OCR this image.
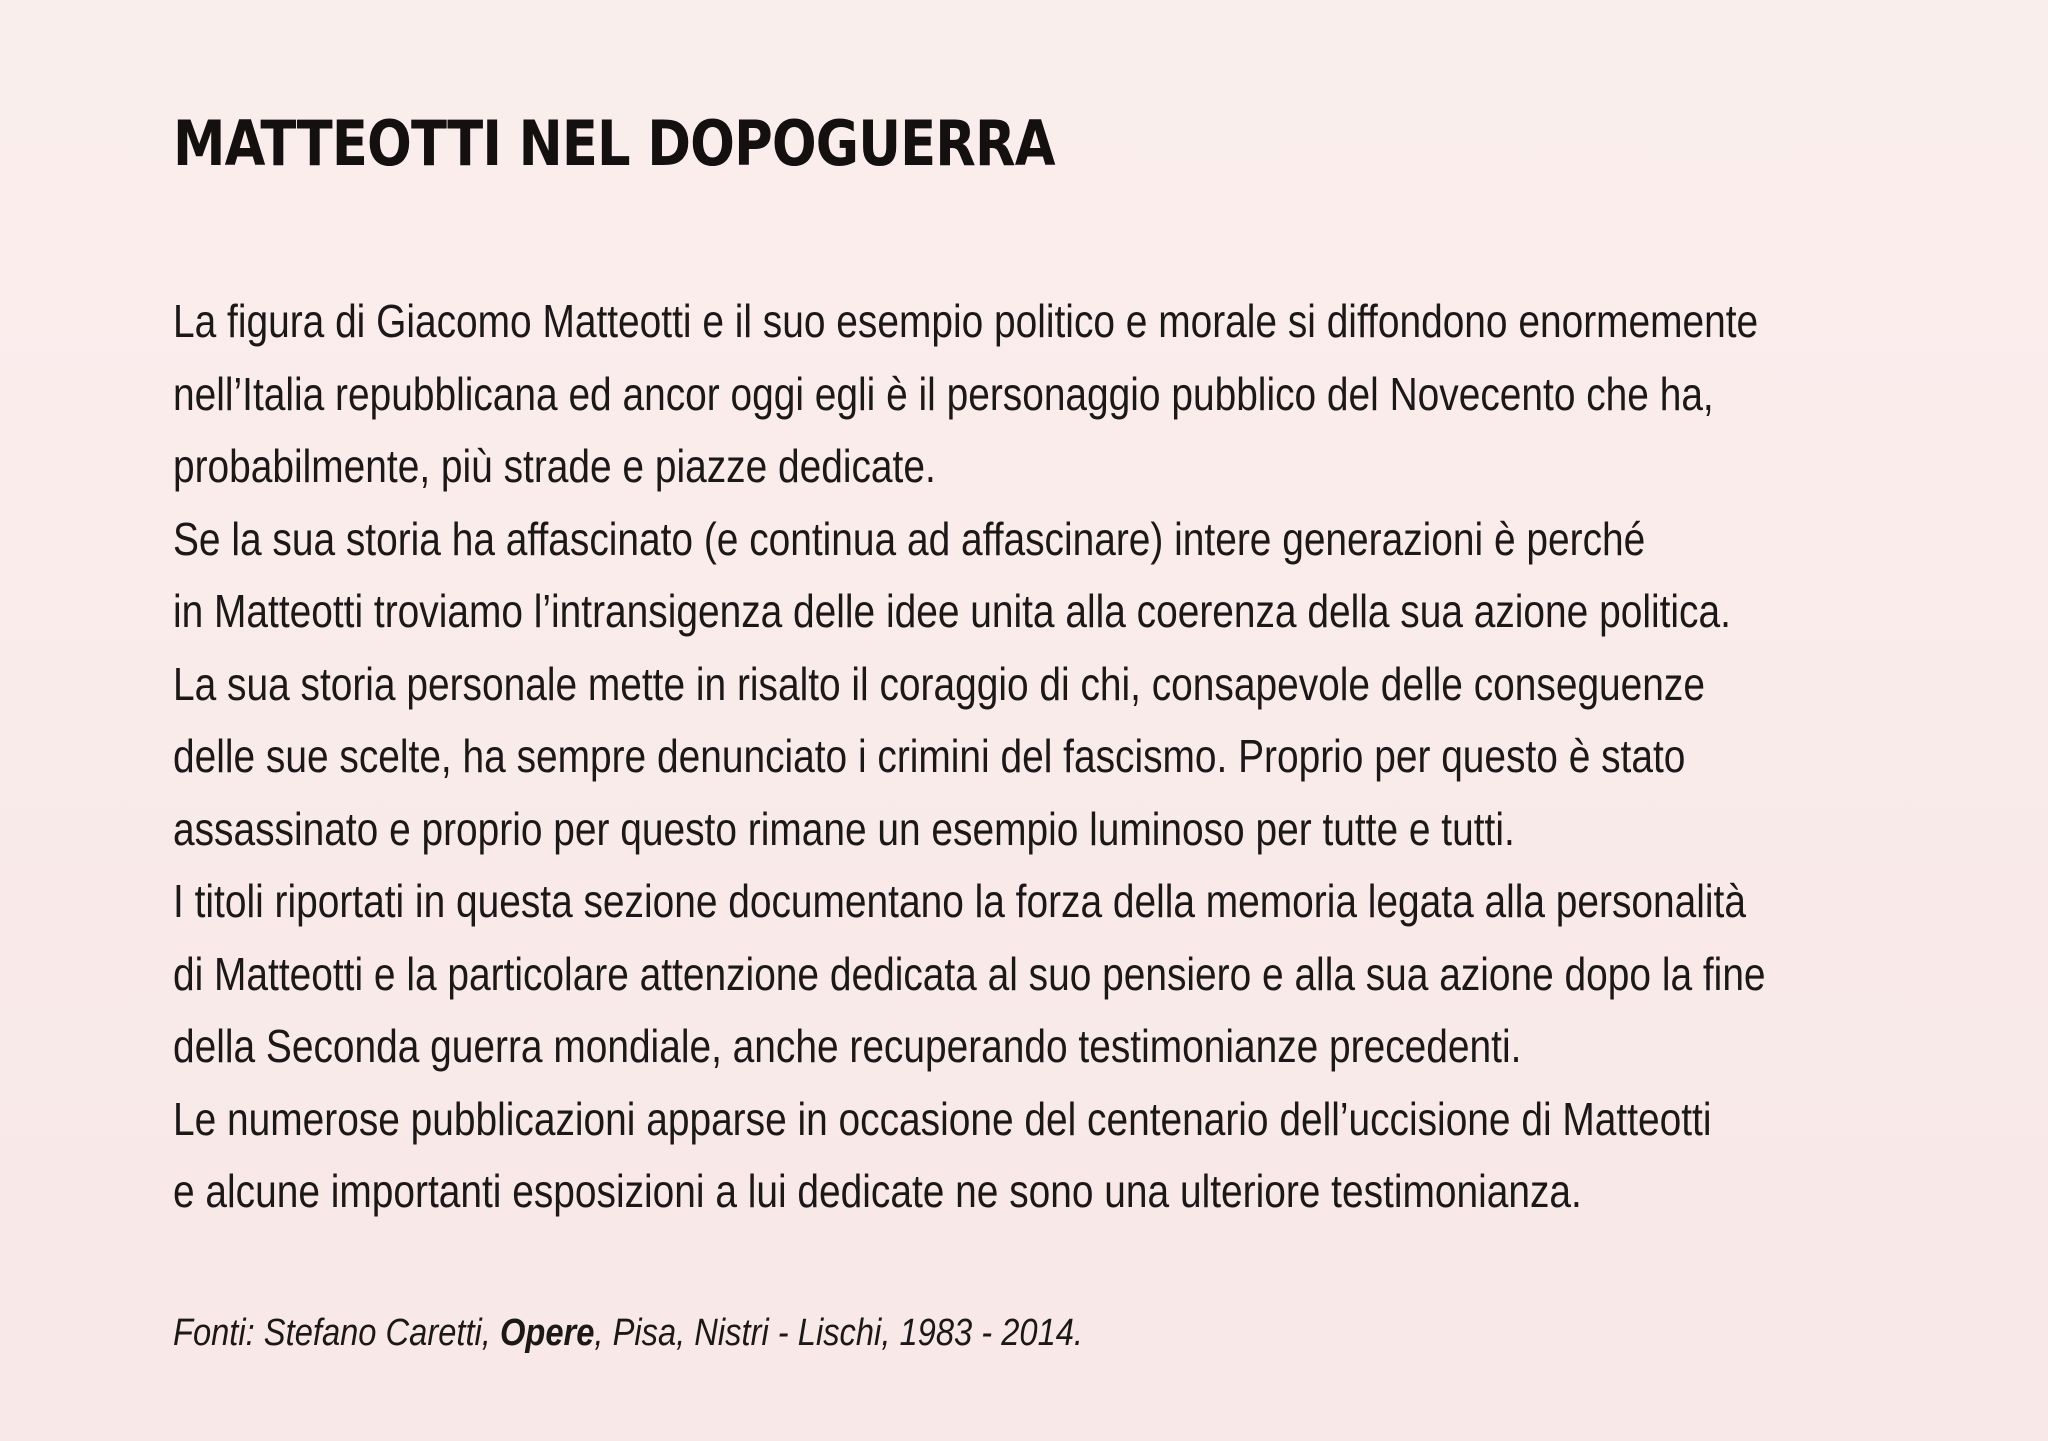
MATTEOTTI NEL DOPOGUERRA
La figura di Giacomo Matteotti e il suo esempio politico e morale si diffondono enormemente
nell’Italia repubblicana ed ancor oggi egli è il personaggio pubblico del Novecento che ha,
probabilmente, più strade e piazze dedicate.
Se la sua storia ha affascinato (e continua ad affascinare) intere generazioni è perché
in Matteotti troviamo l’intransigenza delle idee unita alla coerenza della sua azione politica.
La sua storia personale mette in risalto il coraggio di chi, consapevole delle conseguenze
delle sue scelte, ha sempre denunciato i crimini del fascismo. Proprio per questo è stato
assassinato e proprio per questo rimane un esempio luminoso per tutte e tutti.
I titoli riportati in questa sezione documentano la forza della memoria legata alla personalità
di Matteotti e la particolare attenzione dedicata al suo pensiero e alla sua azione dopo la fine
della Seconda guerra mondiale, anche recuperando testimonianze precedenti.
Le numerose pubblicazioni apparse in occasione del centenario dell’uccisione di Matteotti
e alcune importanti esposizioni a lui dedicate ne sono una ulteriore testimonianza.

Fonti: Stefano Caretti, Opere, Pisa, Nistri - Lischi, 1983 - 2014.
